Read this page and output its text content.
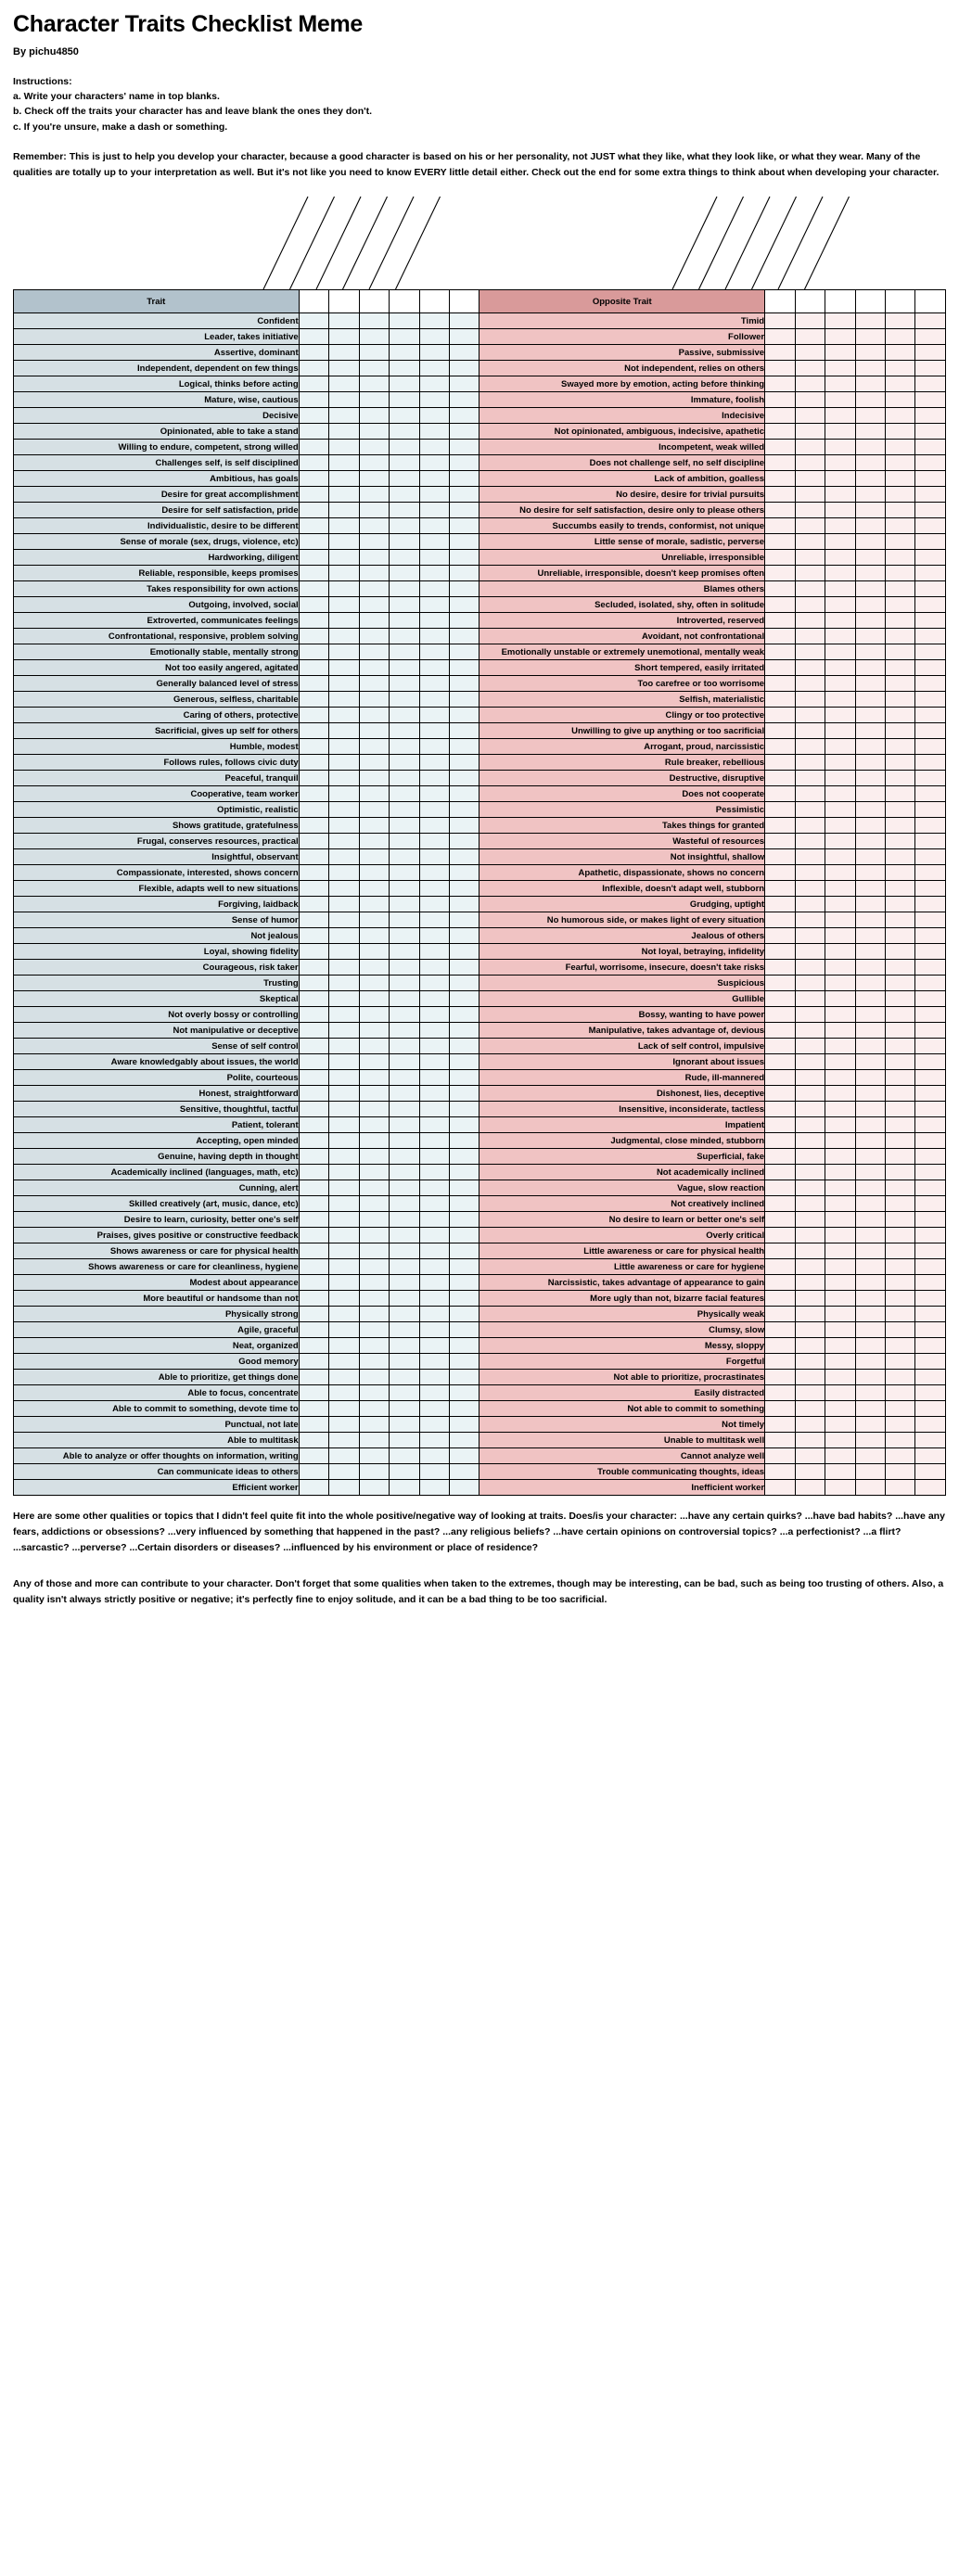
Character Traits Checklist Meme
By pichu4850
Instructions:
a. Write your characters' name in top blanks.
b. Check off the traits your character has and leave blank the ones they don't.
c. If you're unsure, make a dash or something.
Remember: This is just to help you develop your character, because a good character is based on his or her personality, not JUST what they like, what they look like, or what they wear. Many of the qualities are totally up to your interpretation as well. But it's not like you need to know EVERY little detail either. Check out the end for some extra things to think about when developing your character.
Trait							Opposite Trait						
Confident							Timid						
Leader, takes initiative							Follower						
Assertive, dominant							Passive, submissive						
Independent, dependent on few things							Not independent, relies on others						
Logical, thinks before acting							Swayed more by emotion, acting before thinking						
Mature, wise, cautious							Immature, foolish						
Decisive							Indecisive						
Opinionated, able to take a stand							Not opinionated, ambiguous, indecisive, apathetic						
Willing to endure, competent, strong willed							Incompetent, weak willed						
Challenges self, is self disciplined							Does not challenge self, no self discipline						
Ambitious, has goals							Lack of ambition, goalless						
Desire for great accomplishment							No desire, desire for trivial pursuits						
Desire for self satisfaction, pride							No desire for self satisfaction, desire only to please others						
Individualistic, desire to be different							Succumbs easily to trends, conformist, not unique						
Sense of morale (sex, drugs, violence, etc)							Little sense of morale, sadistic, perverse						
Hardworking, diligent							Unreliable, irresponsible						
Reliable, responsible, keeps promises							Unreliable, irresponsible, doesn't keep promises often						
Takes responsibility for own actions							Blames others						
Outgoing, involved, social							Secluded, isolated, shy, often in solitude						
Extroverted, communicates feelings							Introverted, reserved						
Confrontational, responsive, problem solving							Avoidant, not confrontational						
Emotionally stable, mentally strong							Emotionally unstable or extremely unemotional, mentally weak						
Not too easily angered, agitated							Short tempered, easily irritated						
Generally balanced level of stress							Too carefree or too worrisome						
Generous, selfless, charitable							Selfish, materialistic						
Caring of others, protective							Clingy or too protective						
Sacrificial, gives up self for others							Unwilling to give up anything or too sacrificial						
Humble, modest							Arrogant, proud, narcissistic						
Follows rules, follows civic duty							Rule breaker, rebellious						
Peaceful, tranquil							Destructive, disruptive						
Cooperative, team worker							Does not cooperate						
Optimistic, realistic							Pessimistic						
Shows gratitude, gratefulness							Takes things for granted						
Frugal, conserves resources, practical							Wasteful of resources						
Insightful, observant							Not insightful, shallow						
Compassionate, interested, shows concern							Apathetic, dispassionate, shows no concern						
Flexible, adapts well to new situations							Inflexible, doesn't adapt well, stubborn						
Forgiving, laidback							Grudging, uptight						
Sense of humor							No humorous side, or makes light of every situation						
Not jealous							Jealous of others						
Loyal, showing fidelity							Not loyal, betraying, infidelity						
Courageous, risk taker							Fearful, worrisome, insecure, doesn't take risks						
Trusting							Suspicious						
Skeptical							Gullible						
Not overly bossy or controlling							Bossy, wanting to have power						
Not manipulative or deceptive							Manipulative, takes advantage of, devious						
Sense of self control							Lack of self control, impulsive						
Aware knowledgably about issues, the world							Ignorant about issues						
Polite, courteous							Rude, ill-mannered						
Honest, straightforward							Dishonest, lies, deceptive						
Sensitive, thoughtful, tactful							Insensitive, inconsiderate, tactless						
Patient, tolerant							Impatient						
Accepting, open minded							Judgmental, close minded, stubborn						
Genuine, having depth in thought							Superficial, fake						
Academically inclined (languages, math, etc)							Not academically inclined						
Cunning, alert							Vague, slow reaction						
Skilled creatively (art, music, dance, etc)							Not creatively inclined						
Desire to learn, curiosity, better one's self							No desire to learn or better one's self						
Praises, gives positive or constructive feedback							Overly critical						
Shows awareness or care for physical health							Little awareness or care for physical health						
Shows awareness or care for cleanliness, hygiene							Little awareness or care for hygiene						
Modest about appearance							Narcissistic, takes advantage of appearance to gain						
More beautiful or handsome than not							More ugly than not, bizarre facial features						
Physically strong							Physically weak						
Agile, graceful							Clumsy, slow						
Neat, organized							Messy, sloppy						
Good memory							Forgetful						
Able to prioritize, get things done							Not able to prioritize, procrastinates						
Able to focus, concentrate							Easily distracted						
Able to commit to something, devote time to							Not able to commit to something						
Punctual, not late							Not timely						
Able to multitask							Unable to multitask well						
Able to analyze or offer thoughts on information, writing							Cannot analyze well						
Can communicate ideas to others							Trouble communicating thoughts, ideas						
Efficient worker							Inefficient worker						

Here are some other qualities or topics that I didn't feel quite fit into the whole positive/negative way of looking at traits. Does/is your character: ...have any certain quirks? ...have bad habits? ...have any fears, addictions or obsessions? ...very influenced by something that happened in the past? ...any religious beliefs? ...have certain opinions on controversial topics? ...a perfectionist? ...a flirt? ...sarcastic? ...perverse? ...Certain disorders or diseases? ...influenced by his environment or place of residence?

Any of those and more can contribute to your character. Don't forget that some qualities when taken to the extremes, though may be interesting, can be bad, such as being too trusting of others. Also, a quality isn't always strictly positive or negative; it's perfectly fine to enjoy solitude, and it can be a bad thing to be too sacrificial.
